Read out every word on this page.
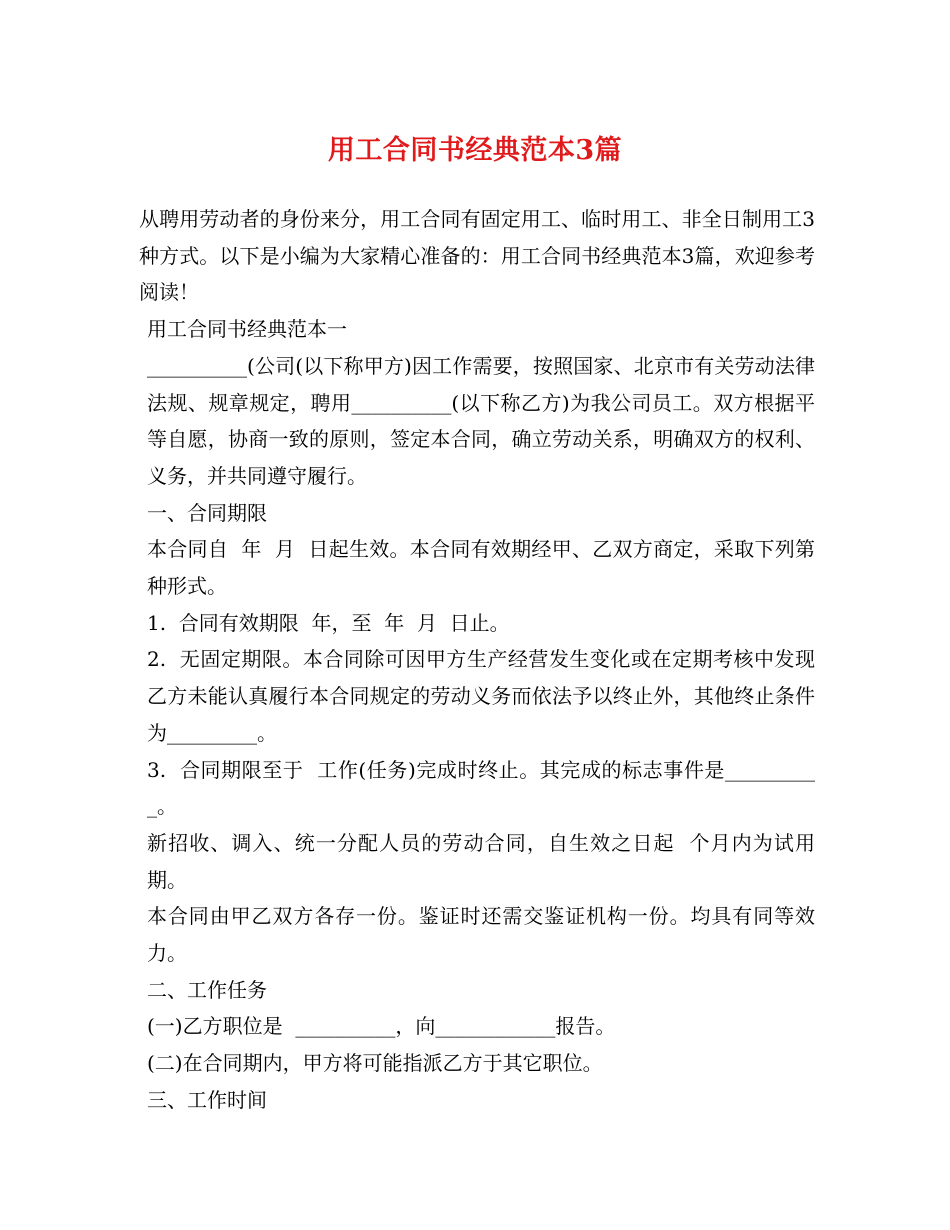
用工合同书经典范本3篇

从聘用劳动者的身份来分，用工合同有固定用工、临时用工、非全日制用工3种方式。以下是小编为大家精心准备的：用工合同书经典范本3篇，欢迎参考阅读！

用工合同书经典范本一

__________(公司(以下称甲方)因工作需要，按照国家、北京市有关劳动法律法规、规章规定，聘用__________(以下称乙方)为我公司员工。双方根据平等自愿，协商一致的原则，签定本合同，确立劳动关系，明确双方的权利、义务，并共同遵守履行。

一、合同期限

本合同自  年  月  日起生效。本合同有效期经甲、乙双方商定，采取下列第  种形式。

1.  合同有效期限  年，至  年  月  日止。

2.  无固定期限。本合同除可因甲方生产经营发生变化或在定期考核中发现乙方未能认真履行本合同规定的劳动义务而依法予以终止外，其他终止条件为_________。

3.  合同期限至于  工作(任务)完成时终止。其完成的标志事件是__________。

新招收、调入、统一分配人员的劳动合同，自生效之日起  个月内为试用期。

本合同由甲乙双方各存一份。鉴证时还需交鉴证机构一份。均具有同等效力。

二、工作任务

(一)乙方职位是  __________，向____________报告。

(二)在合同期内，甲方将可能指派乙方于其它职位。

三、工作时间
